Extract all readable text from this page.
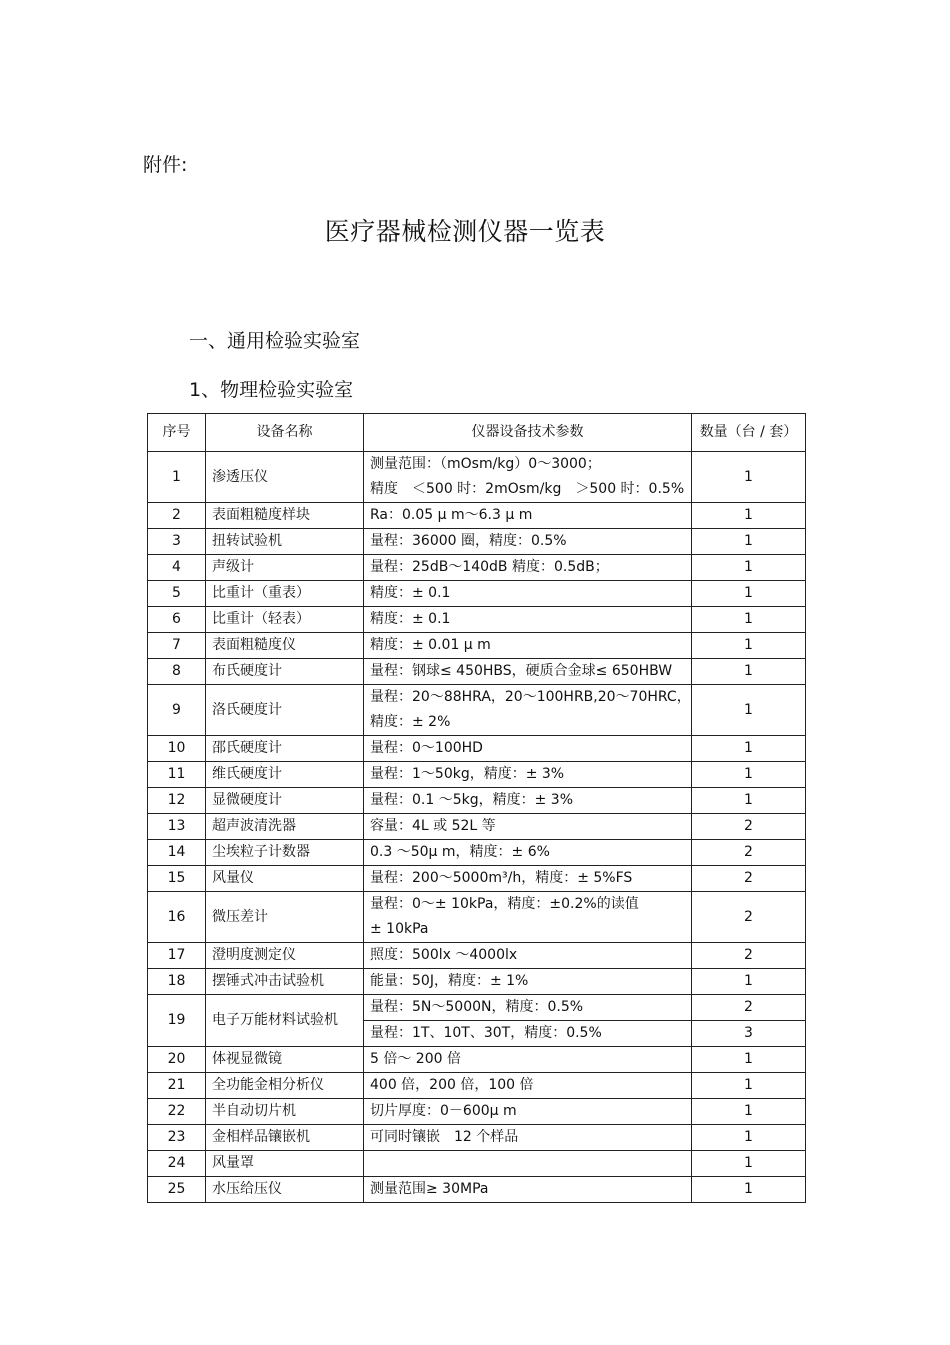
附件:
医疗器械检测仪器一览表
一、通用检验实验室
1、物理检验实验室
序号	设备名称	仪器设备技术参数	数量（台 / 套）
1	渗透压仪	测量范围：（mOsm/kg）0～3000；
精度　＜500 时：2mOsm/kg　＞500 时：0.5%	1
2	表面粗糙度样块	Ra：0.05 μ m～6.3 μ m	1
3	扭转试验机	量程：36000 圈，精度：0.5%	1
4	声级计	量程：25dB～140dB 精度：0.5dB；	1
5	比重计（重表）	精度：± 0.1	1
6	比重计（轻表）	精度：± 0.1	1
7	表面粗糙度仪	精度：± 0.01 μ m	1
8	布氏硬度计	量程：钢球≤ 450HBS，硬质合金球≤ 650HBW	1
9	洛氏硬度计	量程：20～88HRA，20～100HRB,20～70HRC，
精度：± 2%	1
10	邵氏硬度计	量程：0～100HD	1
11	维氏硬度计	量程：1～50kg，精度：± 3%	1
12	显微硬度计	量程：0.1 ～5kg，精度：± 3%	1
13	超声波清洗器	容量：4L 或 52L 等	2
14	尘埃粒子计数器	0.3 ～50μ m，精度：± 6%	2
15	风量仪	量程：200～5000m³/h，精度：± 5%FS	2
16	微压差计	量程：0～± 10kPa，精度：±0.2%的读值
± 10kPa	2
17	澄明度测定仪	照度：500lx ～4000lx	2
18	摆锤式冲击试验机	能量：50J，精度：± 1%	1
19	电子万能材料试验机	量程：5N～5000N，精度：0.5%	2
		量程：1T、10T、30T，精度：0.5%	3
20	体视显微镜	5 倍～ 200 倍	1
21	全功能金相分析仪	400 倍，200 倍，100 倍	1
22	半自动切片机	切片厚度：0－600μ m	1
23	金相样品镶嵌机	可同时镶嵌　12 个样品	1
24	风量罩		1
25	水压给压仪	测量范围≥ 30MPa	1
